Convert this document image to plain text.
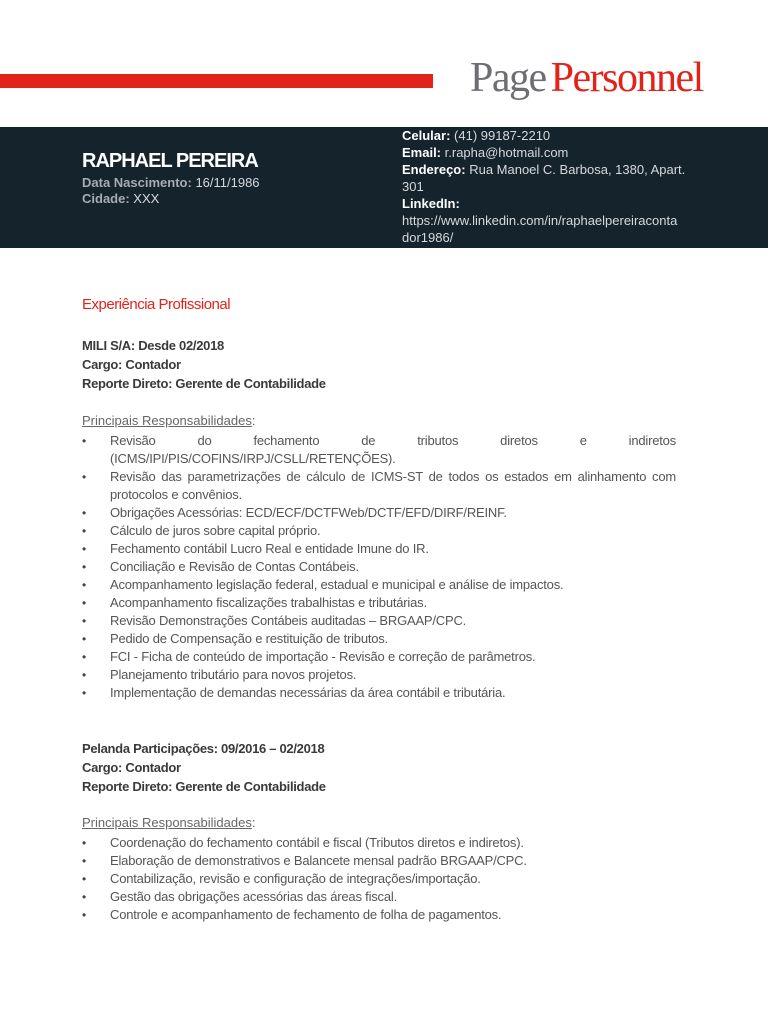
Page Personnel
RAPHAEL PEREIRA
Data Nascimento: 16/11/1986
Cidade: XXX
Celular: (41) 99187-2210
Email: r.rapha@hotmail.com
Endereço: Rua Manoel C. Barbosa, 1380, Apart. 301
LinkedIn:
https://www.linkedin.com/in/raphaelpereiracontador1986/
Experiência Profissional
MILI S/A: Desde 02/2018
Cargo: Contador
Reporte Direto: Gerente de Contabilidade
Principais Responsabilidades:
• Revisão do fechamento de tributos diretos e indiretos (ICMS/IPI/PIS/COFINS/IRPJ/CSLL/RETENÇÕES).
• Revisão das parametrizações de cálculo de ICMS-ST de todos os estados em alinhamento com protocolos e convênios.
• Obrigações Acessórias: ECD/ECF/DCTFWeb/DCTF/EFD/DIRF/REINF.
• Cálculo de juros sobre capital próprio.
• Fechamento contábil Lucro Real e entidade Imune do IR.
• Conciliação e Revisão de Contas Contábeis.
• Acompanhamento legislação federal, estadual e municipal e análise de impactos.
• Acompanhamento fiscalizações trabalhistas e tributárias.
• Revisão Demonstrações Contábeis auditadas – BRGAAP/CPC.
• Pedido de Compensação e restituição de tributos.
• FCI - Ficha de conteúdo de importação - Revisão e correção de parâmetros.
• Planejamento tributário para novos projetos.
• Implementação de demandas necessárias da área contábil e tributária.
Pelanda Participações: 09/2016 – 02/2018
Cargo: Contador
Reporte Direto: Gerente de Contabilidade
Principais Responsabilidades:
• Coordenação do fechamento contábil e fiscal (Tributos diretos e indiretos).
• Elaboração de demonstrativos e Balancete mensal padrão BRGAAP/CPC.
• Contabilização, revisão e configuração de integrações/importação.
• Gestão das obrigações acessórias das áreas fiscal.
• Controle e acompanhamento de fechamento de folha de pagamentos.
